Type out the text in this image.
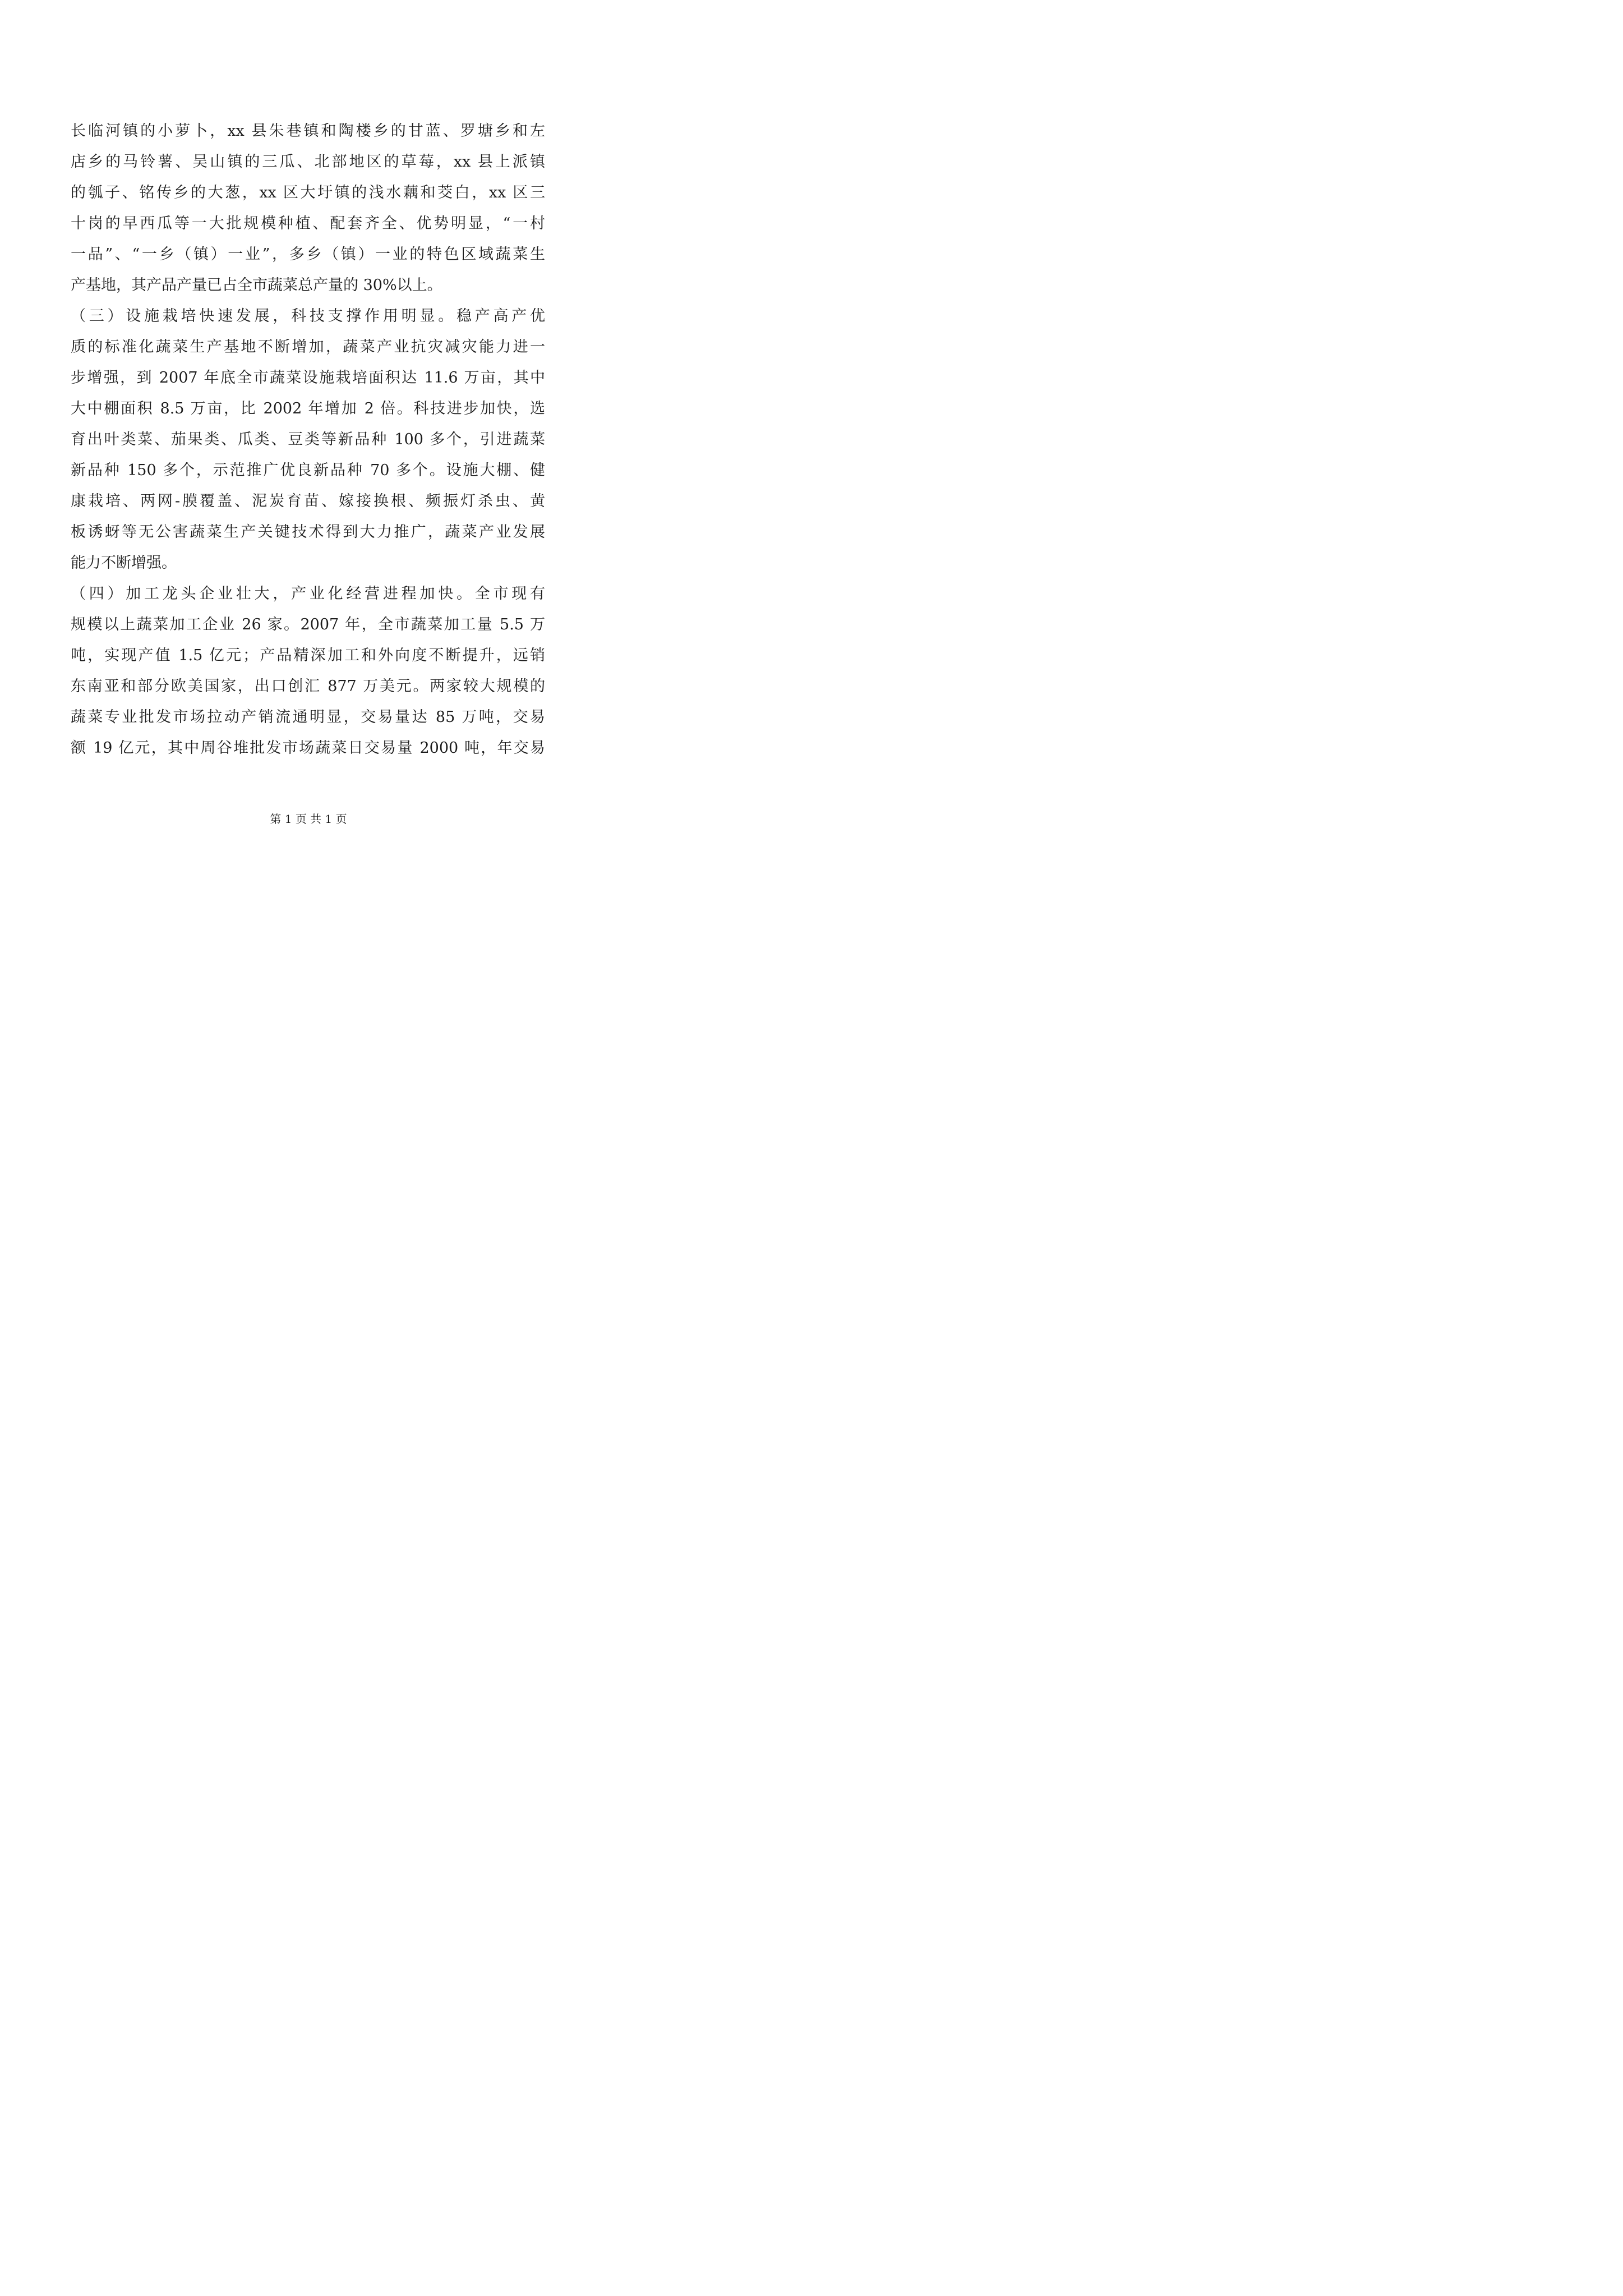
长临河镇的小萝卜，xx 县朱巷镇和陶楼乡的甘蓝、罗塘乡和左
店乡的马铃薯、吴山镇的三瓜、北部地区的草莓，xx 县上派镇
的瓠子、铭传乡的大葱，xx 区大圩镇的浅水藕和茭白，xx 区三
十岗的早西瓜等一大批规模种植、配套齐全、优势明显，“一村
一品”、“一乡（镇）一业”，多乡（镇）一业的特色区域蔬菜生
产基地，其产品产量已占全市蔬菜总产量的 30%以上。
（三）设施栽培快速发展，科技支撑作用明显。稳产高产优
质的标准化蔬菜生产基地不断增加，蔬菜产业抗灾减灾能力进一
步增强，到 2007 年底全市蔬菜设施栽培面积达 11.6 万亩，其中
大中棚面积 8.5 万亩，比 2002 年增加 2 倍。科技进步加快，选
育出叶类菜、茄果类、瓜类、豆类等新品种 100 多个，引进蔬菜
新品种 150 多个，示范推广优良新品种 70 多个。设施大棚、健
康栽培、两网-膜覆盖、泥炭育苗、嫁接换根、频振灯杀虫、黄
板诱蚜等无公害蔬菜生产关键技术得到大力推广，蔬菜产业发展
能力不断增强。
（四）加工龙头企业壮大，产业化经营进程加快。全市现有
规模以上蔬菜加工企业 26 家。2007 年，全市蔬菜加工量 5.5 万
吨，实现产值 1.5 亿元；产品精深加工和外向度不断提升，远销
东南亚和部分欧美国家，出口创汇 877 万美元。两家较大规模的
蔬菜专业批发市场拉动产销流通明显，交易量达 85 万吨，交易
额 19 亿元，其中周谷堆批发市场蔬菜日交易量 2000 吨，年交易
第 1 页 共 1 页
